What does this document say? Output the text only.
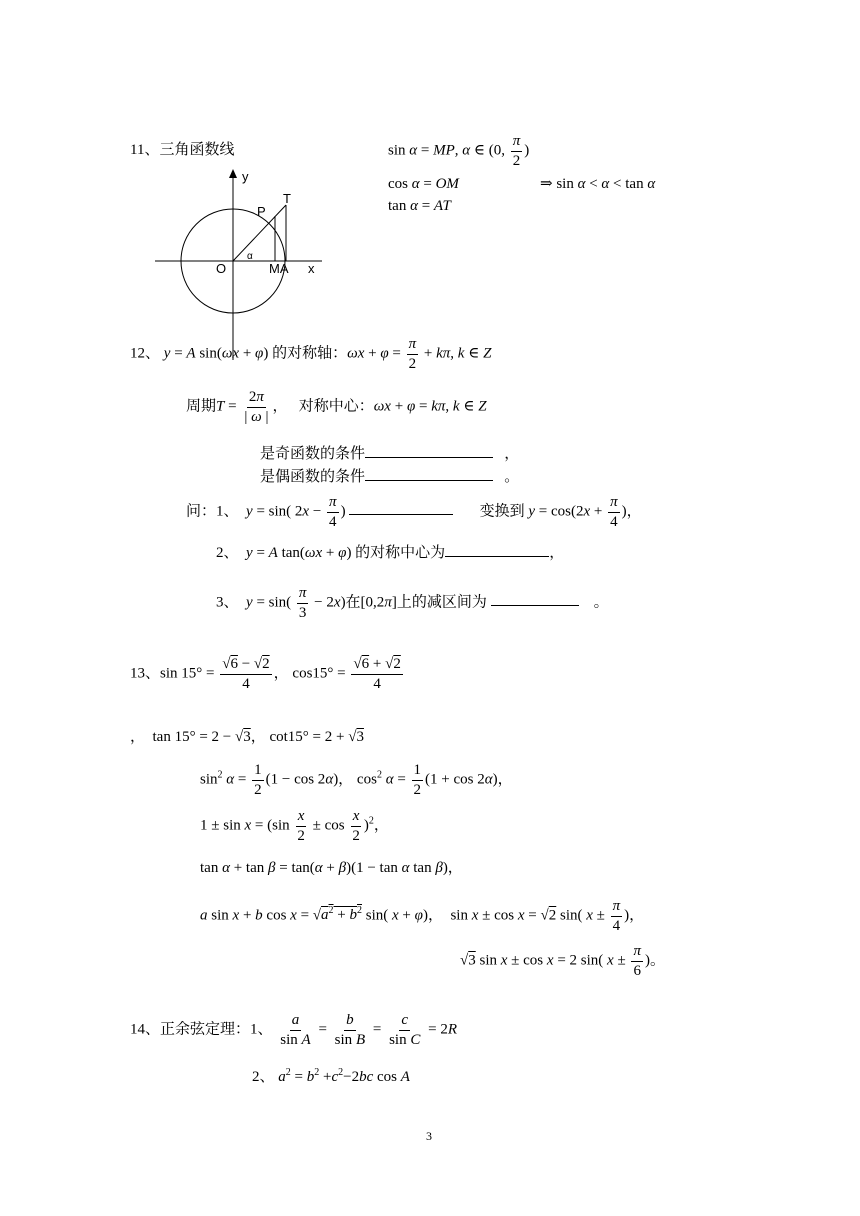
11、三角函数线	sin α = MP, α ∈ (0, $\frac{\pi}{2}$ )
cos α = OM	⇒ sin α < α < tan α
tan α = AT
y
O	MA x
P
T
α
12、 y = A sin(ωx + φ) 的对称轴：$\omega x + \varphi = \frac{\pi}{2} + k\pi$, k ∈ Z
周期$T = \frac{2\pi}{| \omega |}$ ，   对称中心：ωx + φ = kπ, k ∈ Z
是奇函数的条件	，
是偶函数的条件	。
问：1、  y = sin( $2x - \frac{\pi}{4}$ )	变换到 $y = \cos(2x + \frac{\pi}{4}$ )，
2、  y = A tan(ωx + φ) 的对称中心为	，
3、  $y = \sin( \frac{\pi}{3} - 2x)$在[0,2π]上的减区间为	。
13、$\sin 15^\circ = \frac{√6 - √2}{4}$ ， $\cos 15^\circ = \frac{√6 + √2}{4}$
，  tan 15° = 2 − √3， cot15° = 2 + √3
$\sin^2 \alpha = \frac{1}{2} (1 - \cos 2\alpha)$， $\cos^2 \alpha = \frac{1}{2} (1 + \cos 2\alpha)$，
$1 \pm \sin x = (\sin \frac{x}{2} \pm \cos \frac{x}{2} )^2$，
tan α + tan β = tan(α + β)(1 − tan α tan β)，
a sin x + b $\cos x = √a^2 + b^2$ sin( x + φ)，  sin x ± cos x = √2 sin( $x \pm \frac{\pi}{4}$ )，
√3 sin x ± cos x = 2 sin( $x \pm \frac{\pi}{6}$ )。
14、正余弦定理：1、 $\frac{a}{\text{sin A}} = \frac{b}{\text{sin B}} = \frac{c}{\text{sin C}} = 2R$
2、 $a^2 = b^2 +c^2-2bc$ cos A
3
